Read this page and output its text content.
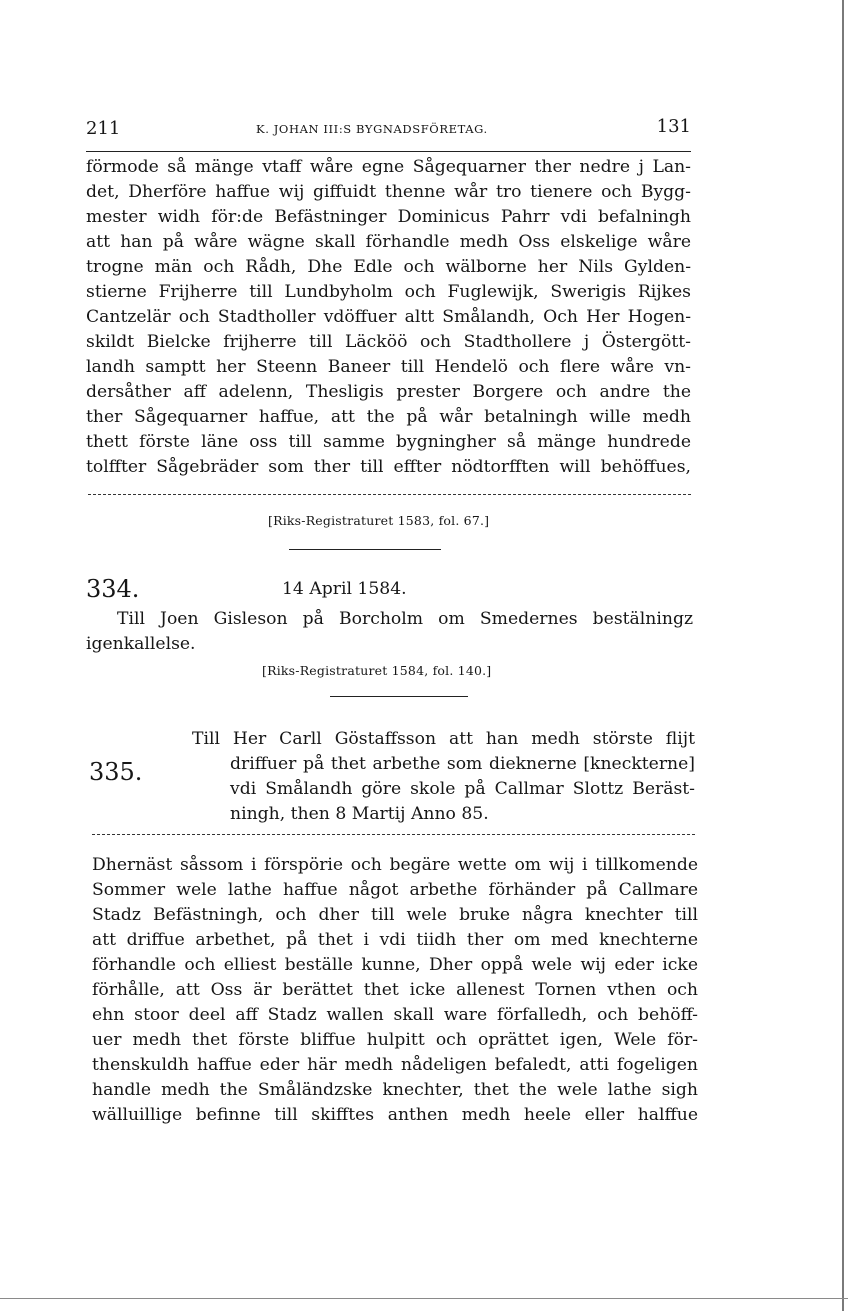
211	K. JOHAN III:S BYGNADSFÖRETAG.	131
förmode så mänge vtaff wåre egne Sågequarner ther nedre j Lan-
det, Dherföre haffue wij giffuidt thenne wår tro tienere och Bygg-
mester widh för:de Befästninger Dominicus Pahrr vdi befalningh
att han på wåre wägne skall förhandle medh Oss elskelige wåre
trogne män och Rådh, Dhe Edle och wälborne her Nils Gylden-
stierne Frijherre till Lundbyholm och Fuglewijk, Swerigis Rijkes
Cantzelär och Stadtholler vdöffuer altt Smålandh, Och Her Hogen-
skildt Bielcke frijherre till Läcköö och Stadthollere j Östergött-
landh samptt her Steenn Baneer till Hendelö och flere wåre vn-
dersåther aff adelenn, Thesligis prester Borgere och andre the
ther Sågequarner haffue, att the på wår betalningh wille medh
thett förste läne oss till samme bygningher så mänge hundrede
tolffter Sågebräder som ther till effter nödtorfften will behöffues,
[Riks-Registraturet 1583, fol. 67.]
334.	14 April 1584.
Till Joen Gisleson på Borcholm om Smedernes bestälningz
igenkallelse.
[Riks-Registraturet 1584, fol. 140.]
335.
Till Her Carll Göstaffsson att han medh störste flijt
driffuer på thet arbethe som dieknerne [kneckterne]
vdi Smålandh göre skole på Callmar Slottz Beräst-
ningh, then 8 Martij Anno 85.
Dhernäst såssom i förspörie och begäre wette om wij i tillkomende
Sommer wele lathe haffue något arbethe förhänder på Callmare
Stadz Befästningh, och dher till wele bruke några knechter till
att driffue arbethet, på thet i vdi tiidh ther om med knechterne
förhandle och elliest beställe kunne, Dher oppå wele wij eder icke
förhålle, att Oss är berättet thet icke allenest Tornen vthen och
ehn stoor deel aff Stadz wallen skall ware förfalledh, och behöff-
uer medh thet förste bliffue hulpitt och oprättet igen, Wele för-
thenskuldh haffue eder här medh nådeligen befaledt, atti fogeligen
handle medh the Småländzske knechter, thet the wele lathe sigh
wälluillige befinne till skifftes anthen medh heele eller halffue
